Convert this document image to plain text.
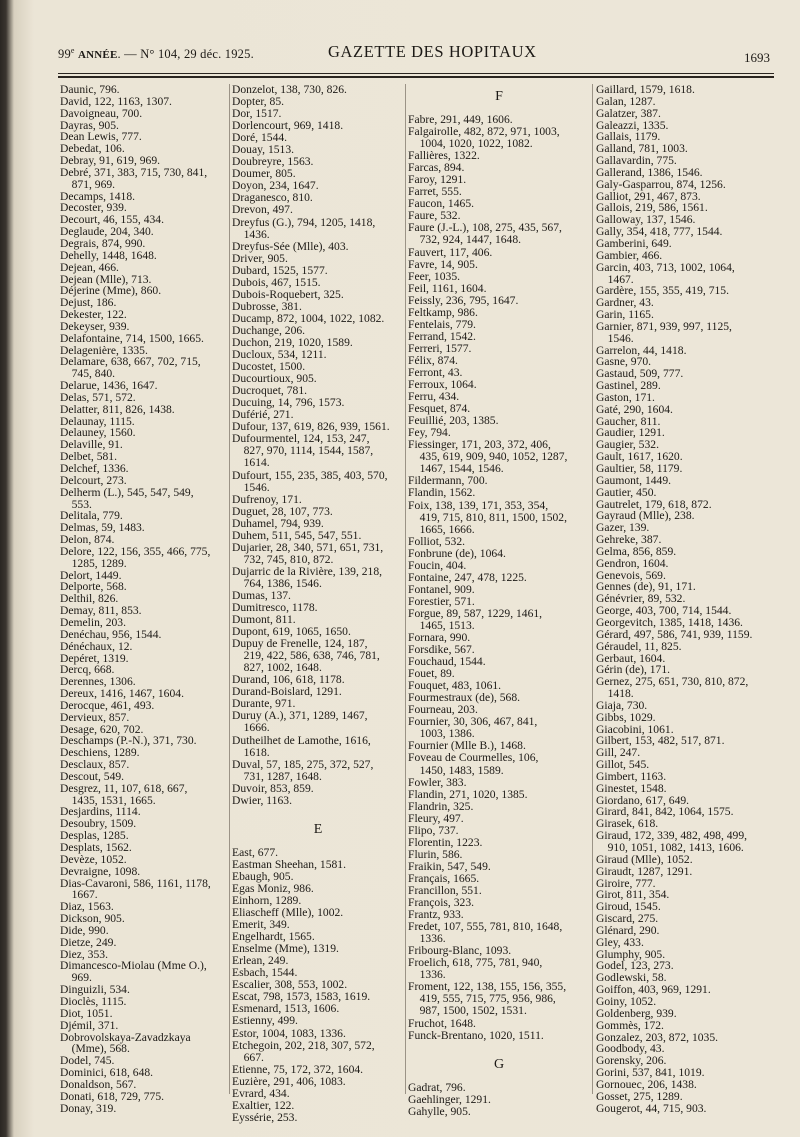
99e ANNÉE. — N° 104, 29 déc. 1925.	GAZETTE DES HOPITAUX	1693
Daunic, 796.
David, 122, 1163, 1307.
Davoigneau, 700.
Dayras, 905.
Dean Lewis, 777.
Debedat, 106.
Debray, 91, 619, 969.
Debré, 371, 383, 715, 730, 841,
 871, 969.
Decamps, 1418.
Decoster, 939.
Decourt, 46, 155, 434.
Deglaude, 204, 340.
Degrais, 874, 990.
Dehelly, 1448, 1648.
Dejean, 466.
Dejean (Mlle), 713.
Déjerine (Mme), 860.
Dejust, 186.
Dekester, 122.
Dekeyser, 939.
Delafontaine, 714, 1500, 1665.
Delagenière, 1335.
Delamare, 638, 667, 702, 715,
 745, 840.
Delarue, 1436, 1647.
Delas, 571, 572.
Delatter, 811, 826, 1438.
Delaunay, 1115.
Delauney, 1560.
Delaville, 91.
Delbet, 581.
Delchef, 1336.
Delcourt, 273.
Delherm (L.), 545, 547, 549,
 553.
Delitala, 779.
Delmas, 59, 1483.
Delon, 874.
Delore, 122, 156, 355, 466, 775,
 1285, 1289.
Delort, 1449.
Delporte, 568.
Delthil, 826.
Demay, 811, 853.
Demelin, 203.
Denéchau, 956, 1544.
Dénéchaux, 12.
Depéret, 1319.
Dercq, 668.
Derennes, 1306.
Dereux, 1416, 1467, 1604.
Derocque, 461, 493.
Dervieux, 857.
Desage, 620, 702.
Deschamps (P.-N.), 371, 730.
Deschiens, 1289.
Desclaux, 857.
Descout, 549.
Desgrez, 11, 107, 618, 667,
 1435, 1531, 1665.
Desjardins, 1114.
Desoubry, 1509.
Desplas, 1285.
Desplats, 1562.
Devèze, 1052.
Devraigne, 1098.
Dias-Cavaroni, 586, 1161, 1178,
 1667.
Diaz, 1563.
Dickson, 905.
Dide, 990.
Dietze, 249.
Diez, 353.
Dimancesco-Miolau (Mme O.),
 969.
Dinguizli, 534.
Dioclès, 1115.
Diot, 1051.
Djémil, 371.
Dobrovolskaya-Zavadzkaya
 (Mme), 568.
Dodel, 745.
Dominici, 618, 648.
Donaldson, 567.
Donati, 618, 729, 775.
Donay, 319.
Donzelot, 138, 730, 826.
Dopter, 85.
Dor, 1517.
Dorlencourt, 969, 1418.
Doré, 1544.
Douay, 1513.
Doubreyre, 1563.
Doumer, 805.
Doyon, 234, 1647.
Draganesco, 810.
Drevon, 497.
Dreyfus (G.), 794, 1205, 1418,
 1436.
Dreyfus-Sée (Mlle), 403.
Driver, 905.
Dubard, 1525, 1577.
Dubois, 467, 1515.
Dubois-Roquebert, 325.
Dubrosse, 381.
Ducamp, 872, 1004, 1022, 1082.
Duchange, 206.
Duchon, 219, 1020, 1589.
Ducloux, 534, 1211.
Ducostet, 1500.
Ducourtioux, 905.
Ducroquet, 781.
Ducuing, 14, 796, 1573.
Duférié, 271.
Dufour, 137, 619, 826, 939, 1561.
Dufourmentel, 124, 153, 247,
 827, 970, 1114, 1544, 1587,
 1614.
Dufourt, 155, 235, 385, 403, 570,
 1546.
Dufrenoy, 171.
Duguet, 28, 107, 773.
Duhamel, 794, 939.
Duhem, 511, 545, 547, 551.
Dujarier, 28, 340, 571, 651, 731,
 732, 745, 810, 872.
Dujarric de la Rivière, 139, 218,
 764, 1386, 1546.
Dumas, 137.
Dumitresco, 1178.
Dumont, 811.
Dupont, 619, 1065, 1650.
Dupuy de Frenelle, 124, 187,
 219, 422, 586, 638, 746, 781,
 827, 1002, 1648.
Durand, 106, 618, 1178.
Durand-Boislard, 1291.
Durante, 971.
Duruy (A.), 371, 1289, 1467,
 1666.
Dutheilhet de Lamothe, 1616,
 1618.
Duval, 57, 185, 275, 372, 527,
 731, 1287, 1648.
Duvoir, 853, 859.
Dwier, 1163.
E
East, 677.
Eastman Sheehan, 1581.
Ebaugh, 905.
Egas Moniz, 986.
Einhorn, 1289.
Eliascheff (Mlle), 1002.
Emerit, 349.
Engelhardt, 1565.
Enselme (Mme), 1319.
Erlean, 249.
Esbach, 1544.
Escalier, 308, 553, 1002.
Escat, 798, 1573, 1583, 1619.
Esmenard, 1513, 1606.
Estienny, 499.
Estor, 1004, 1083, 1336.
Etchegoin, 202, 218, 307, 572,
 667.
Etienne, 75, 172, 372, 1604.
Euzière, 291, 406, 1083.
Evrard, 434.
Exaltier, 122.
Eyssérie, 253.
F
Fabre, 291, 449, 1606.
Falgairolle, 482, 872, 971, 1003,
 1004, 1020, 1022, 1082.
Fallières, 1322.
Farcas, 894.
Faroy, 1291.
Farret, 555.
Faucon, 1465.
Faure, 532.
Faure (J.-L.), 108, 275, 435, 567,
 732, 924, 1447, 1648.
Fauvert, 117, 406.
Favre, 14, 905.
Feer, 1035.
Feil, 1161, 1604.
Feissly, 236, 795, 1647.
Feltkamp, 986.
Fentelais, 779.
Ferrand, 1542.
Ferreri, 1577.
Félix, 874.
Ferront, 43.
Ferroux, 1064.
Ferru, 434.
Fesquet, 874.
Feuillié, 203, 1385.
Fey, 794.
Fiessinger, 171, 203, 372, 406,
 435, 619, 909, 940, 1052, 1287,
 1467, 1544, 1546.
Fildermann, 700.
Flandin, 1562.
Foix, 138, 139, 171, 353, 354,
 419, 715, 810, 811, 1500, 1502,
 1665, 1666.
Folliot, 532.
Fonbrune (de), 1064.
Foucin, 404.
Fontaine, 247, 478, 1225.
Fontanel, 909.
Forestier, 571.
Forgue, 89, 587, 1229, 1461,
 1465, 1513.
Fornara, 990.
Forsdike, 567.
Fouchaud, 1544.
Fouet, 89.
Fouquet, 483, 1061.
Fourmestraux (de), 568.
Fourneau, 203.
Fournier, 30, 306, 467, 841,
 1003, 1386.
Fournier (Mlle B.), 1468.
Foveau de Courmelles, 106,
 1450, 1483, 1589.
Fowler, 383.
Flandin, 271, 1020, 1385.
Flandrin, 325.
Fleury, 497.
Flipo, 737.
Florentin, 1223.
Flurin, 586.
Fraikin, 547, 549.
Français, 1665.
Francillon, 551.
François, 323.
Frantz, 933.
Fredet, 107, 555, 781, 810, 1648,
 1336.
Fribourg-Blanc, 1093.
Froelich, 618, 775, 781, 940,
 1336.
Froment, 122, 138, 155, 156, 355,
 419, 555, 715, 775, 956, 986,
 987, 1500, 1502, 1531.
Fruchot, 1648.
Funck-Brentano, 1020, 1511.
G
Gadrat, 796.
Gaehlinger, 1291.
Gahylle, 905.
Gaillard, 1579, 1618.
Galan, 1287.
Galatzer, 387.
Galeazzi, 1335.
Gallais, 1179.
Galland, 781, 1003.
Gallavardin, 775.
Gallerand, 1386, 1546.
Galy-Gasparrou, 874, 1256.
Galliot, 291, 467, 873.
Gallois, 219, 586, 1561.
Galloway, 137, 1546.
Gally, 354, 418, 777, 1544.
Gamberini, 649.
Gambier, 466.
Garcin, 403, 713, 1002, 1064,
 1467.
Gardère, 155, 355, 419, 715.
Gardner, 43.
Garin, 1165.
Garnier, 871, 939, 997, 1125,
 1546.
Garrelon, 44, 1418.
Gasne, 970.
Gastaud, 509, 777.
Gastinel, 289.
Gaston, 171.
Gaté, 290, 1604.
Gaucher, 811.
Gaudier, 1291.
Gaugier, 532.
Gault, 1617, 1620.
Gaultier, 58, 1179.
Gaumont, 1449.
Gautier, 450.
Gautrelet, 179, 618, 872.
Gayraud (Mlle), 238.
Gazer, 139.
Gehreke, 387.
Gelma, 856, 859.
Gendron, 1604.
Genevois, 569.
Gennes (de), 91, 171.
Génévrier, 89, 532.
George, 403, 700, 714, 1544.
Georgevitch, 1385, 1418, 1436.
Gérard, 497, 586, 741, 939, 1159.
Géraudel, 11, 825.
Gerbaut, 1604.
Gérin (de), 171.
Gernez, 275, 651, 730, 810, 872,
 1418.
Giaja, 730.
Gibbs, 1029.
Giacobini, 1061.
Gilbert, 153, 482, 517, 871.
Gill, 247.
Gillot, 545.
Gimbert, 1163.
Ginestet, 1548.
Giordano, 617, 649.
Girard, 841, 842, 1064, 1575.
Girasek, 618.
Giraud, 172, 339, 482, 498, 499,
 910, 1051, 1082, 1413, 1606.
Giraud (Mlle), 1052.
Giraudt, 1287, 1291.
Giroire, 777.
Girot, 811, 354.
Giroud, 1545.
Giscard, 275.
Glénard, 290.
Gley, 433.
Glumphy, 905.
Godel, 123, 273.
Godlewski, 58.
Goiffon, 403, 969, 1291.
Goiny, 1052.
Goldenberg, 939.
Gommès, 172.
Gonzalez, 203, 872, 1035.
Goodbody, 43.
Gorensky, 206.
Gorini, 537, 841, 1019.
Gornouec, 206, 1438.
Gosset, 275, 1289.
Gougerot, 44, 715, 903.
